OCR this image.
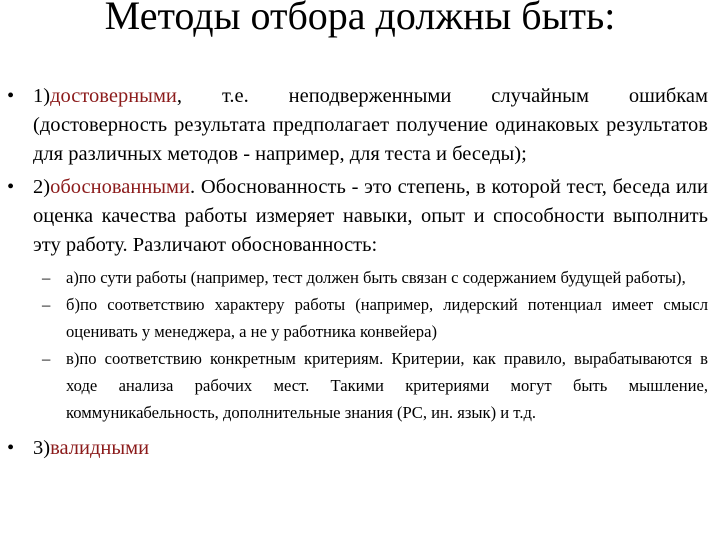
Методы отбора должны быть:
• 1)достоверными, т.е. неподверженными случайным ошибкам (достоверность результата предполагает получение одинаковых результатов для различных методов - например, для теста и беседы);
• 2)обоснованными. Обоснованность - это степень, в которой тест, беседа или оценка качества работы измеряет навыки, опыт и способности выполнить эту работу. Различают обоснованность:
– а)по сути работы (например, тест должен быть связан с содержанием будущей работы),
– б)по соответствию характеру работы (например, лидерский потенциал имеет смысл оценивать у менеджера, а не у работника конвейера)
– в)по соответствию конкретным критериям. Критерии, как правило, вырабатываются в ходе анализа рабочих мест. Такими критериями могут быть мышление, коммуникабельность, дополнительные знания (PC, ин. язык) и т.д.
• 3)валидными
